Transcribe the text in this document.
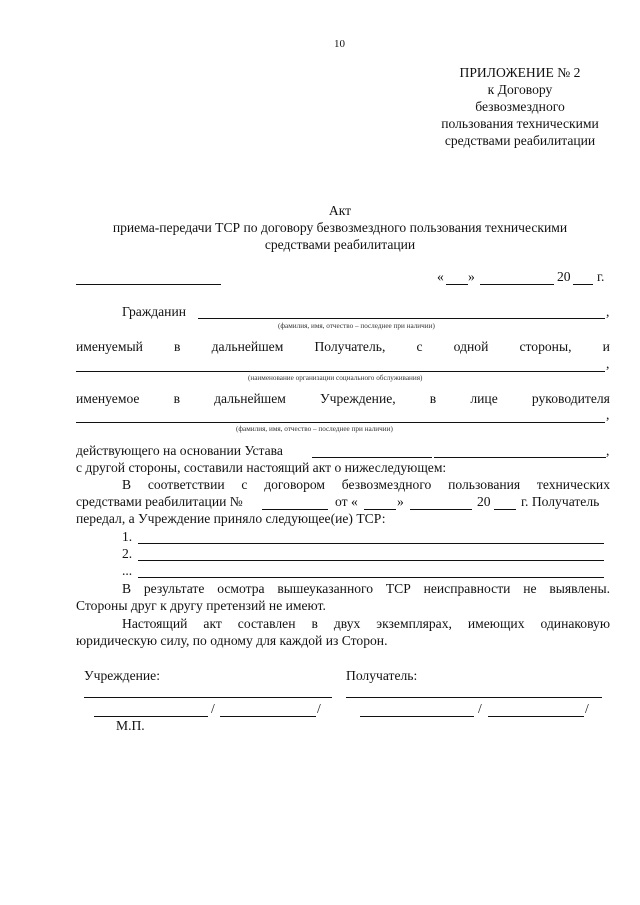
10
ПРИЛОЖЕНИЕ № 2
к Договору
безвозмездного
пользования техническими
средствами реабилитации
Акт
приема-передачи ТСР по договору безвозмездного пользования техническими
средствами реабилитации
« »	20 г.
Гражданин	,
(фамилия, имя, отчество – последнее при наличии)
именуемый в дальнейшем Получатель, с одной стороны, и
,
(наименование организации социального обслуживания)
именуемое	в	дальнейшем	Учреждение,	в	лице	руководителя
,
(фамилия, имя, отчество – последнее при наличии)
действующего на основании Устава	,
с другой стороны, составили настоящий акт о нижеследующем:
В соответствии с договором безвозмездного пользования технических
средствами реабилитации №	от «	»	20 г. Получатель
передал, а Учреждение приняло следующее(ие) ТСР:
1.
2.
...
В результате осмотра вышеуказанного ТСР неисправности не выявлены.
Стороны друг к другу претензий не имеют.
Настоящий акт составлен в двух экземплярах, имеющих одинаковую
юридическую силу, по одному для каждой из Сторон.
Учреждение:	Получатель:
/	/	/	/
М.П.
